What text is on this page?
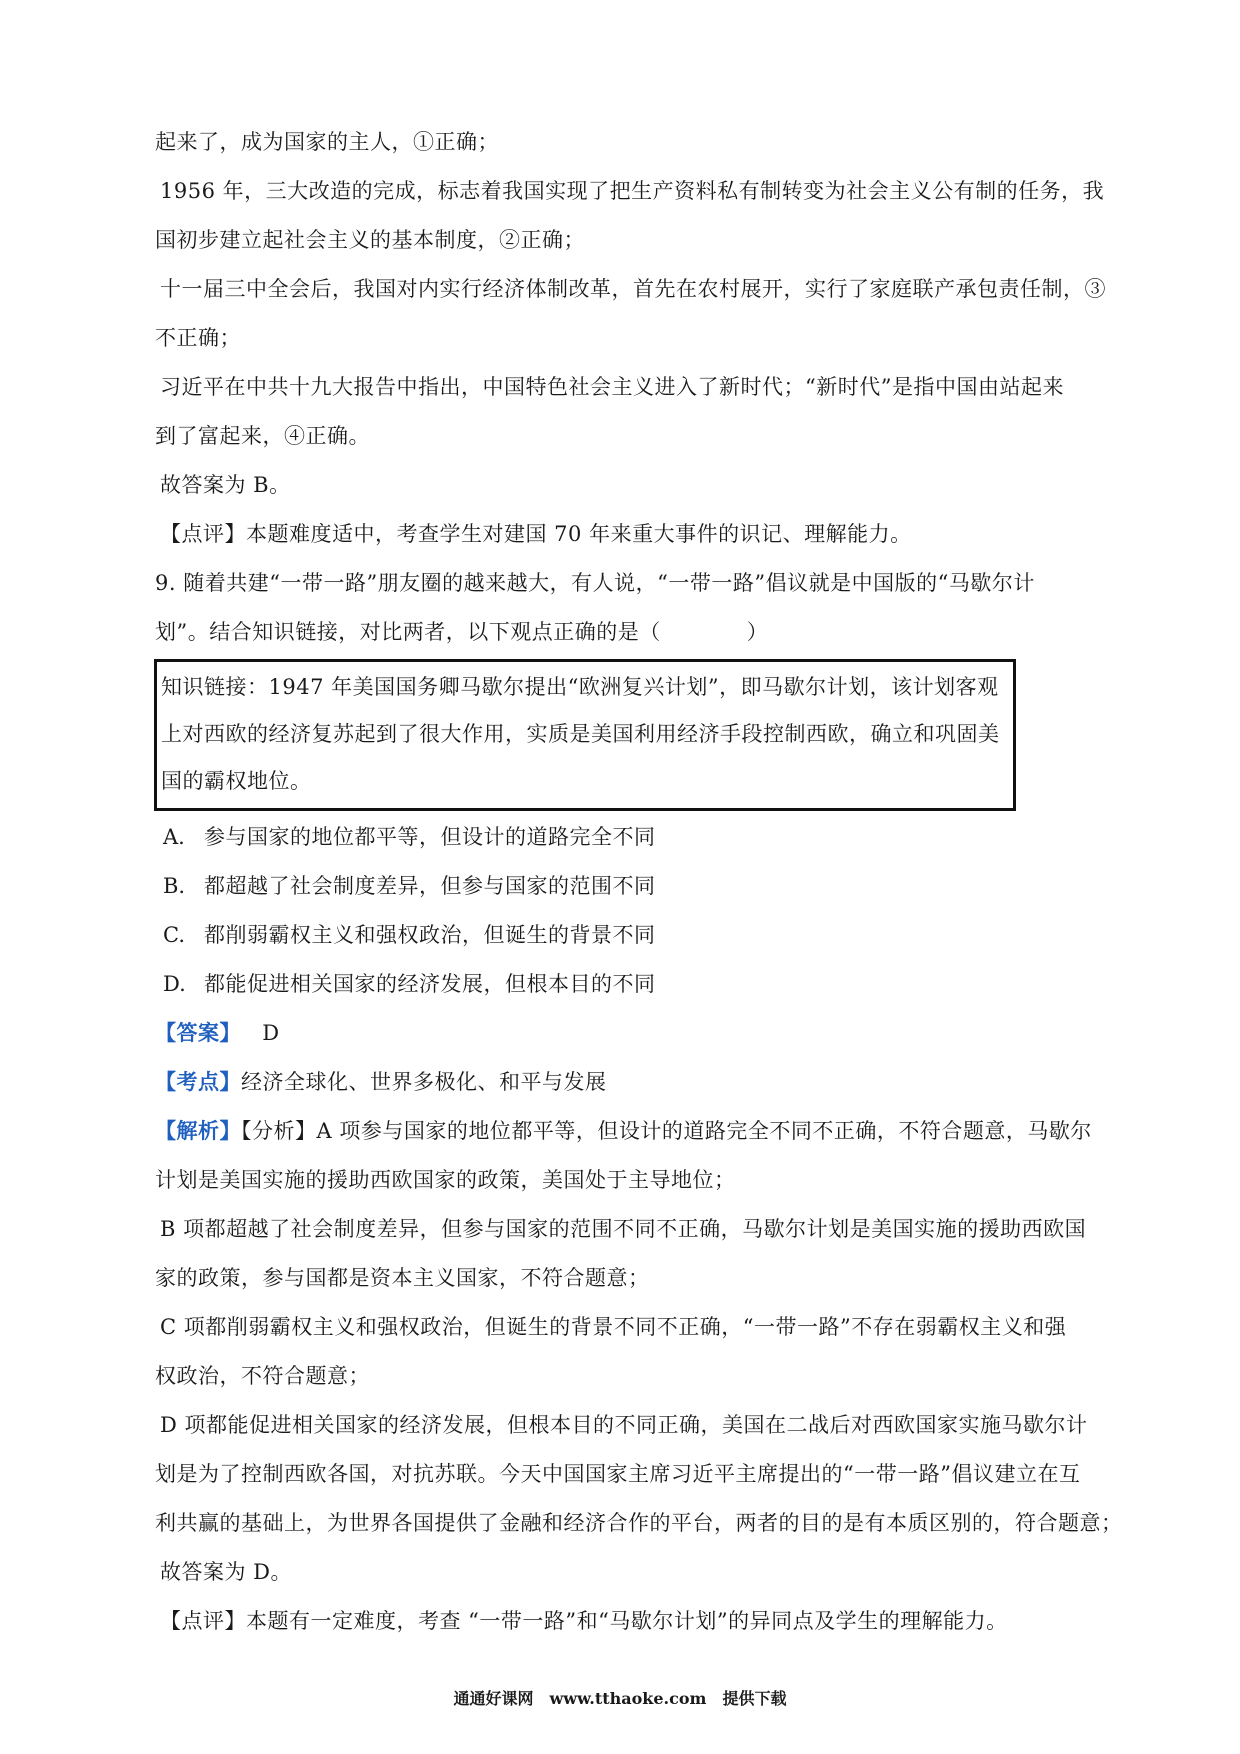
起来了，成为国家的主人，①正确；
1956 年，三大改造的完成，标志着我国实现了把生产资料私有制转变为社会主义公有制的任务，我
国初步建立起社会主义的基本制度，②正确；
十一届三中全会后，我国对内实行经济体制改革，首先在农村展开，实行了家庭联产承包责任制，③
不正确；
习近平在中共十九大报告中指出，中国特色社会主义进入了新时代；“新时代”是指中国由站起来
到了富起来，④正确。
故答案为 B。
【点评】本题难度适中，考查学生对建国 70 年来重大事件的识记、理解能力。
9. 随着共建“一带一路”朋友圈的越来越大，有人说，“一带一路”倡议就是中国版的“马歇尔计
划”。结合知识链接，对比两者，以下观点正确的是（　　　　）
知识链接：1947 年美国国务卿马歇尔提出“欧洲复兴计划”，即马歇尔计划，该计划客观
上对西欧的经济复苏起到了很大作用，实质是美国利用经济手段控制西欧，确立和巩固美
国的霸权地位。
A. 参与国家的地位都平等，但设计的道路完全不同
B. 都超越了社会制度差异，但参与国家的范围不同
C. 都削弱霸权主义和强权政治，但诞生的背景不同
D. 都能促进相关国家的经济发展，但根本目的不同
【答案】 D
【考点】经济全球化、世界多极化、和平与发展
【解析】【分析】A 项参与国家的地位都平等，但设计的道路完全不同不正确，不符合题意，马歇尔
计划是美国实施的援助西欧国家的政策，美国处于主导地位；
B 项都超越了社会制度差异，但参与国家的范围不同不正确，马歇尔计划是美国实施的援助西欧国
家的政策，参与国都是资本主义国家，不符合题意；
C 项都削弱霸权主义和强权政治，但诞生的背景不同不正确，“一带一路”不存在弱霸权主义和强
权政治，不符合题意；
D 项都能促进相关国家的经济发展，但根本目的不同正确，美国在二战后对西欧国家实施马歇尔计
划是为了控制西欧各国，对抗苏联。今天中国国家主席习近平主席提出的“一带一路”倡议建立在互
利共赢的基础上，为世界各国提供了金融和经济合作的平台，两者的目的是有本质区别的，符合题意；
故答案为 D。
【点评】本题有一定难度，考查 “一带一路”和“马歇尔计划”的异同点及学生的理解能力。
通通好课网　www.tthaoke.com　提供下载
